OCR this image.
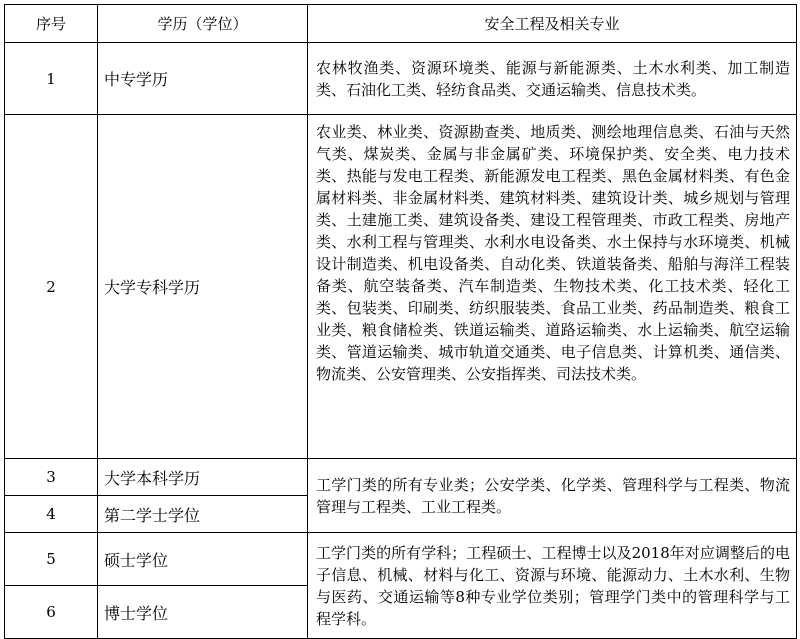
序号	学历（学位）	安全工程及相关专业
1	中专学历	农林牧渔类、资源环境类、能源与新能源类、土木水利类、加工制造类、石油化工类、轻纺食品类、交通运输类、信息技术类。
2	大学专科学历	农业类、林业类、资源勘查类、地质类、测绘地理信息类、石油与天然气类、煤炭类、金属与非金属矿类、环境保护类、安全类、电力技术类、热能与发电工程类、新能源发电工程类、黑色金属材料类、有色金属材料类、非金属材料类、建筑材料类、建筑设计类、城乡规划与管理类、土建施工类、建筑设备类、建设工程管理类、市政工程类、房地产类、水利工程与管理类、水利水电设备类、水土保持与水环境类、机械设计制造类、机电设备类、自动化类、铁道装备类、船舶与海洋工程装备类、航空装备类、汽车制造类、生物技术类、化工技术类、轻化工类、包装类、印刷类、纺织服装类、食品工业类、药品制造类、粮食工业类、粮食储检类、铁道运输类、道路运输类、水上运输类、航空运输类、管道运输类、城市轨道交通类、电子信息类、计算机类、通信类、物流类、公安管理类、公安指挥类、司法技术类。
3	大学本科学历	工学门类的所有专业类；公安学类、化学类、管理科学与工程类、物流管理与工程类、工业工程类。
4	第二学士学位	
5	硕士学位	工学门类的所有学科；工程硕士、工程博士以及2018年对应调整后的电子信息、机械、材料与化工、资源与环境、能源动力、土木水利、生物与医药、交通运输等8种专业学位类别；管理学门类中的管理科学与工程学科。
6	博士学位	
